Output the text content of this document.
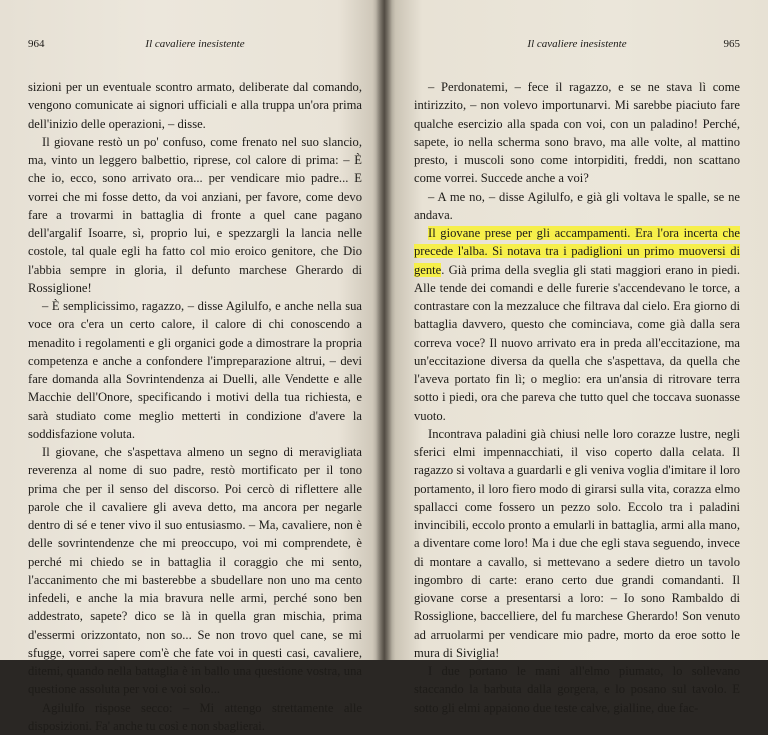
964	Il cavaliere inesistente

sizioni per un eventuale scontro armato, deliberate dal comando, vengono comunicate ai signori ufficiali e alla truppa un'ora prima dell'inizio delle operazioni, – disse.

Il giovane restò un po' confuso, come frenato nel suo slancio, ma, vinto un leggero balbettio, riprese, col calore di prima: – È che io, ecco, sono arrivato ora... per vendicare mio padre... E vorrei che mi fosse detto, da voi anziani, per favore, come devo fare a trovarmi in battaglia di fronte a quel cane pagano dell'argalif Isoarre, sì, proprio lui, e spezzargli la lancia nelle costole, tal quale egli ha fatto col mio eroico genitore, che Dio l'abbia sempre in gloria, il defunto marchese Gherardo di Rossiglione!

– È semplicissimo, ragazzo, – disse Agilulfo, e anche nella sua voce ora c'era un certo calore, il calore di chi conoscendo a menadito i regolamenti e gli organici gode a dimostrare la propria competenza e anche a confondere l'impreparazione altrui, – devi fare domanda alla Sovrintendenza ai Duelli, alle Vendette e alle Macchie dell'Onore, specificando i motivi della tua richiesta, e sarà studiato come meglio metterti in condizione d'avere la soddisfazione voluta.

Il giovane, che s'aspettava almeno un segno di meravigliata reverenza al nome di suo padre, restò mortificato per il tono prima che per il senso del discorso. Poi cercò di riflettere alle parole che il cavaliere gli aveva detto, ma ancora per negarle dentro di sé e tener vivo il suo entusiasmo. – Ma, cavaliere, non è delle sovrintendenze che mi preoccupo, voi mi comprendete, è perché mi chiedo se in battaglia il coraggio che mi sento, l'accanimento che mi basterebbe a sbudellare non uno ma cento infedeli, e anche la mia bravura nelle armi, perché sono ben addestrato, sapete? dico se là in quella gran mischia, prima d'essermi orizzontato, non so... Se non trovo quel cane, se mi sfugge, vorrei sapere com'è che fate voi in questi casi, cavaliere, ditemi, quando nella battaglia è in ballo una questione vostra, una questione assoluta per voi e voi solo...

Agilulfo rispose secco: – Mi attengo strettamente alle disposizioni. Fa' anche tu così e non sbaglierai.

Il cavaliere inesistente	965

– Perdonatemi, – fece il ragazzo, e se ne stava lì come intirizzito, – non volevo importunarvi. Mi sarebbe piaciuto fare qualche esercizio alla spada con voi, con un paladino! Perché, sapete, io nella scherma sono bravo, ma alle volte, al mattino presto, i muscoli sono come intorpiditi, freddi, non scattano come vorrei. Succede anche a voi?

– A me no, – disse Agilulfo, e già gli voltava le spalle, se ne andava.

Il giovane prese per gli accampamenti. Era l'ora incerta che precede l'alba. Si notava tra i padiglioni un primo muoversi di gente. Già prima della sveglia gli stati maggiori erano in piedi. Alle tende dei comandi e delle furerie s'accendevano le torce, a contrastare con la mezzaluce che filtrava dal cielo. Era giorno di battaglia davvero, questo che cominciava, come già dalla sera correva voce? Il nuovo arrivato era in preda all'eccitazione, ma un'eccitazione diversa da quella che s'aspettava, da quella che l'aveva portato fin lì; o meglio: era un'ansia di ritrovare terra sotto i piedi, ora che pareva che tutto quel che toccava suonasse vuoto.

Incontrava paladini già chiusi nelle loro corazze lustre, negli sferici elmi impennacchiati, il viso coperto dalla celata. Il ragazzo si voltava a guardarli e gli veniva voglia d'imitare il loro portamento, il loro fiero modo di girarsi sulla vita, corazza elmo spallacci come fossero un pezzo solo. Eccolo tra i paladini invincibili, eccolo pronto a emularli in battaglia, armi alla mano, a diventare come loro! Ma i due che egli stava seguendo, invece di montare a cavallo, si mettevano a sedere dietro un tavolo ingombro di carte: erano certo due grandi comandanti. Il giovane corse a presentarsi a loro: – Io sono Rambaldo di Rossiglione, baccelliere, del fu marchese Gherardo! Son venuto ad arruolarmi per vendicare mio padre, morto da eroe sotto le mura di Siviglia!

I due portano le mani all'elmo piumato, lo sollevano staccando la barbuta dalla gorgera, e lo posano sul tavolo. E sotto gli elmi appaiono due teste calve, gialline, due fac-
